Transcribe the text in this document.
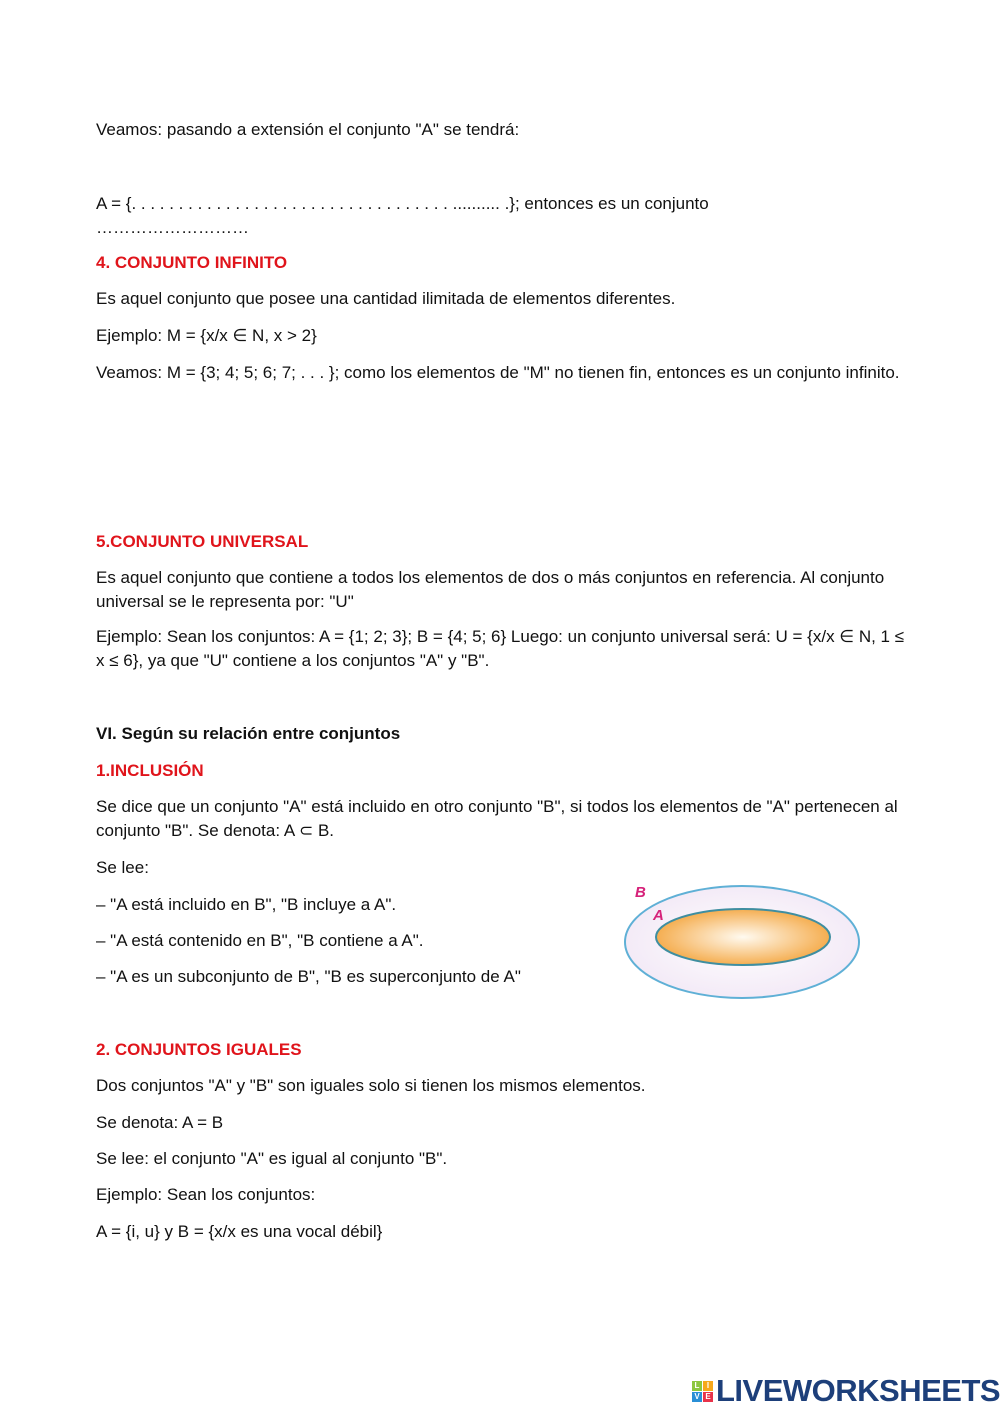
Veamos: pasando a extensión el conjunto "A" se tendrá:

A = {. . . . . . . . . . . . . . . . . . . . . . . . . . . . . . . . . . .......... .}; entonces es un conjunto

………………………

4. CONJUNTO INFINITO

Es aquel conjunto que posee una cantidad ilimitada de elementos diferentes.

Ejemplo: M = {x/x ∈ N, x > 2}

Veamos: M = {3; 4; 5; 6; 7; . . . }; como los elementos de "M" no tienen fin, entonces es un conjunto infinito.

5.CONJUNTO UNIVERSAL

Es aquel conjunto que contiene a todos los elementos de dos o más conjuntos en referencia. Al conjunto universal se le representa por: "U"

Ejemplo: Sean los conjuntos: A = {1; 2; 3}; B = {4; 5; 6} Luego: un conjunto universal será: U = {x/x ∈ N, 1 ≤ x ≤ 6}, ya que "U" contiene a los conjuntos "A" y "B".

VI. Según su relación entre conjuntos

1.INCLUSIÓN

Se dice que un conjunto "A" está incluido en otro conjunto "B", si todos los elementos de "A" pertenecen al conjunto "B". Se denota: A ⊂ B.

Se lee:

– "A está incluido en B", "B incluye a A".

– "A está contenido en B", "B contiene a A".

– "A es un subconjunto de B", "B es superconjunto de A"

B
A

2. CONJUNTOS IGUALES

Dos conjuntos "A" y "B" son iguales solo si tienen los mismos elementos.

Se denota: A = B

Se lee: el conjunto "A" es igual al conjunto "B".

Ejemplo: Sean los conjuntos:

A = {i, u} y B = {x/x es una vocal débil}

L I
V E LIVEWORKSHEETS
